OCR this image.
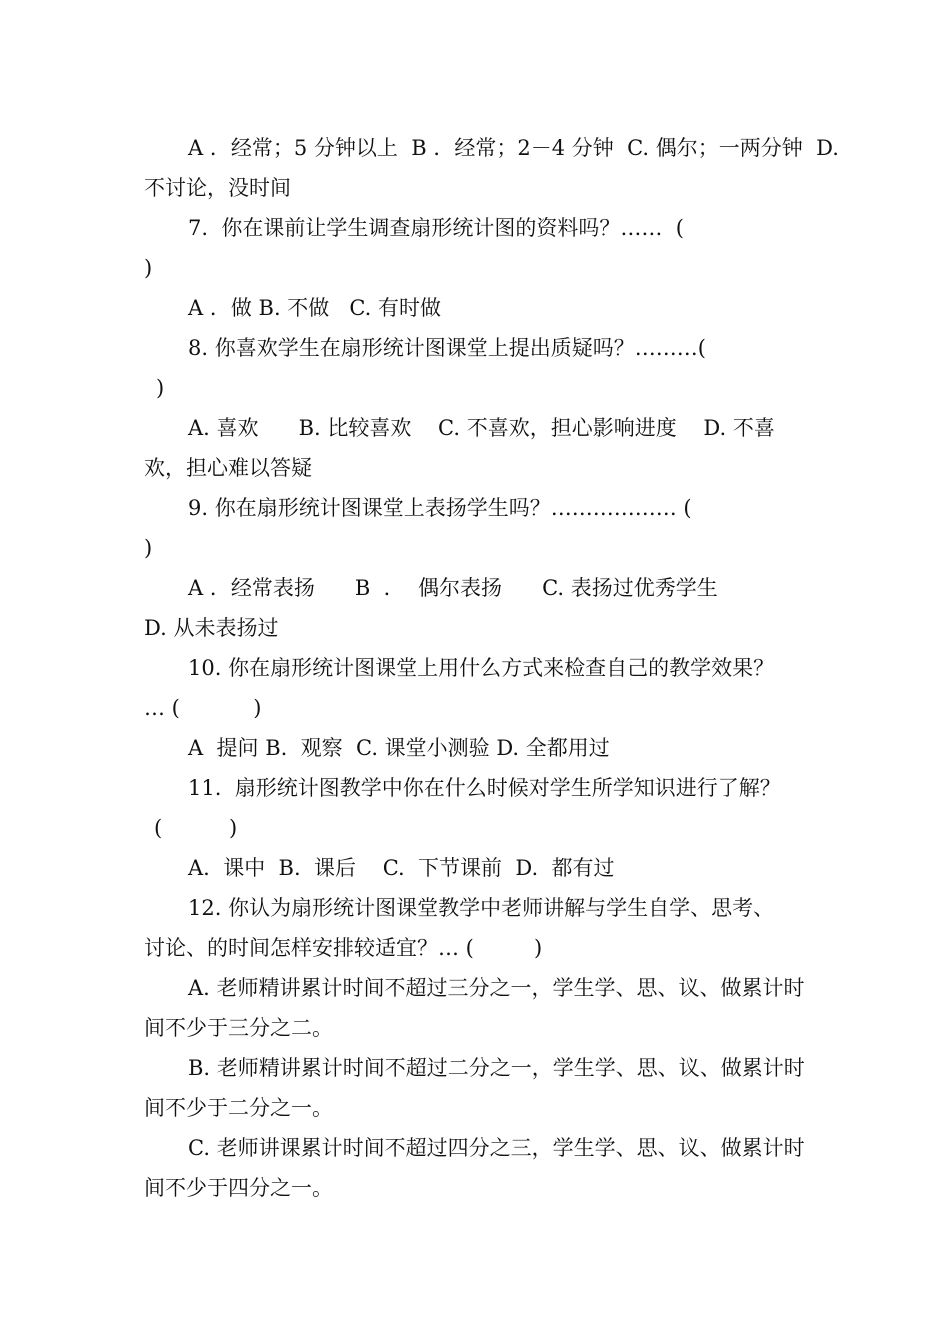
A ．经常；5 分钟以上  B ．经常；2－4 分钟  C. 偶尔；一两分钟  D.
不讨论，没时间
7.  你在课前让学生调查扇形统计图的资料吗？……  (
)
A ．做 B. 不做   C. 有时做
8. 你喜欢学生在扇形统计图课堂上提出质疑吗？………(
)
A. 喜欢      B. 比较喜欢    C. 不喜欢，担心影响进度    D. 不喜
欢，担心难以答疑
9. 你在扇形统计图课堂上表扬学生吗？……………… (
)
A ．经常表扬      B  ．  偶尔表扬      C. 表扬过优秀学生
D. 从未表扬过
10. 你在扇形统计图课堂上用什么方式来检查自己的教学效果？
… (           )
A  提问 B.  观察  C. 课堂小测验 D. 全都用过
11.  扇形统计图教学中你在什么时候对学生所学知识进行了解？
(          )
A.  课中  B.  课后    C.  下节课前  D.  都有过
12. 你认为扇形统计图课堂教学中老师讲解与学生自学、思考、
讨论、的时间怎样安排较适宜？… (         )
A. 老师精讲累计时间不超过三分之一，学生学、思、议、做累计时
间不少于三分之二。
B. 老师精讲累计时间不超过二分之一，学生学、思、议、做累计时
间不少于二分之一。
C. 老师讲课累计时间不超过四分之三，学生学、思、议、做累计时
间不少于四分之一。
